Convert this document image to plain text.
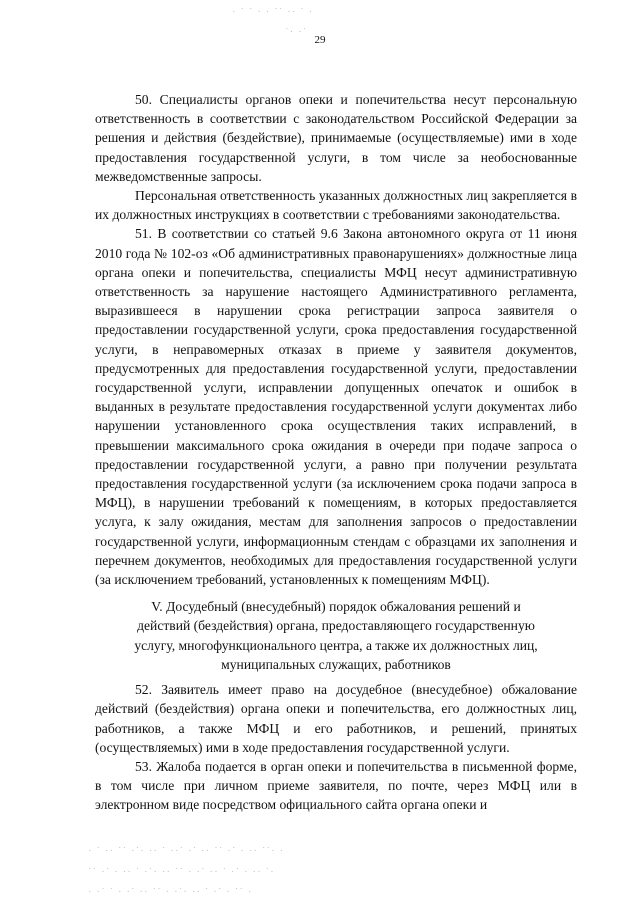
· ˙ ˙ · · ˙˙ ·· ˙ ·
˙· ·˙
29

50. Специалисты органов опеки и попечительства несут персональную ответственность в соответствии с законодательством Российской Федерации за решения и действия (бездействие), принимаемые (осуществляемые) ими в ходе предоставления государственной услуги, в том числе за необоснованные межведомственные запросы.

Персональная ответственность указанных должностных лиц закрепляется в их должностных инструкциях в соответствии с требованиями законодательства.

51. В соответствии со статьей 9.6 Закона автономного округа от 11 июня 2010 года № 102-оз «Об административных правонарушениях» должностные лица органа опеки и попечительства, специалисты МФЦ несут административную ответственность за нарушение настоящего Административного регламента, выразившееся в нарушении срока регистрации запроса заявителя о предоставлении государственной услуги, срока предоставления государственной услуги, в неправомерных отказах в приеме у заявителя документов, предусмотренных для предоставления государственной услуги, предоставлении государственной услуги, исправлении допущенных опечаток и ошибок в выданных в результате предоставления государственной услуги документах либо нарушении установленного срока осуществления таких исправлений, в превышении максимального срока ожидания в очереди при подаче запроса о предоставлении государственной услуги, а равно при получении результата предоставления государственной услуги (за исключением срока подачи запроса в МФЦ), в нарушении требований к помещениям, в которых предоставляется услуга, к залу ожидания, местам для заполнения запросов о предоставлении государственной услуги, информационным стендам с образцами их заполнения и перечнем документов, необходимых для предоставления государственной услуги (за исключением требований, установленных к помещениям МФЦ).

V. Досудебный (внесудебный) порядок обжалования решений и
действий (бездействия) органа, предоставляющего государственную
услугу, многофункционального центра, а также их должностных лиц,
муниципальных служащих, работников

52. Заявитель имеет право на досудебное (внесудебное) обжалование действий (бездействия) органа опеки и попечительства, его должностных лиц, работников, а также МФЦ и его работников, и решений, принятых (осуществляемых) ими в ходе предоставления государственной услуги.

53. Жалоба подается в орган опеки и попечительства в письменной форме, в том числе при личном приеме заявителя, по почте, через МФЦ или в электронном виде посредством официального сайта органа опеки и

· ˙ ·· ˙˙ ·˙· ·· ˙ ··˙ ·˙ ·· ˙˙ ·˙ · ·· ˙˙· ·
˙˙ ·˙ · ·· ˙ ·˙· ·· ˙˙ · ·˙ ·· ˙ ·˙ · ·· ˙·
· ·˙ ˙ · ·˙ ·· ˙˙ · ·˙· ·· ˙ ·˙ · ˙˙ ·
